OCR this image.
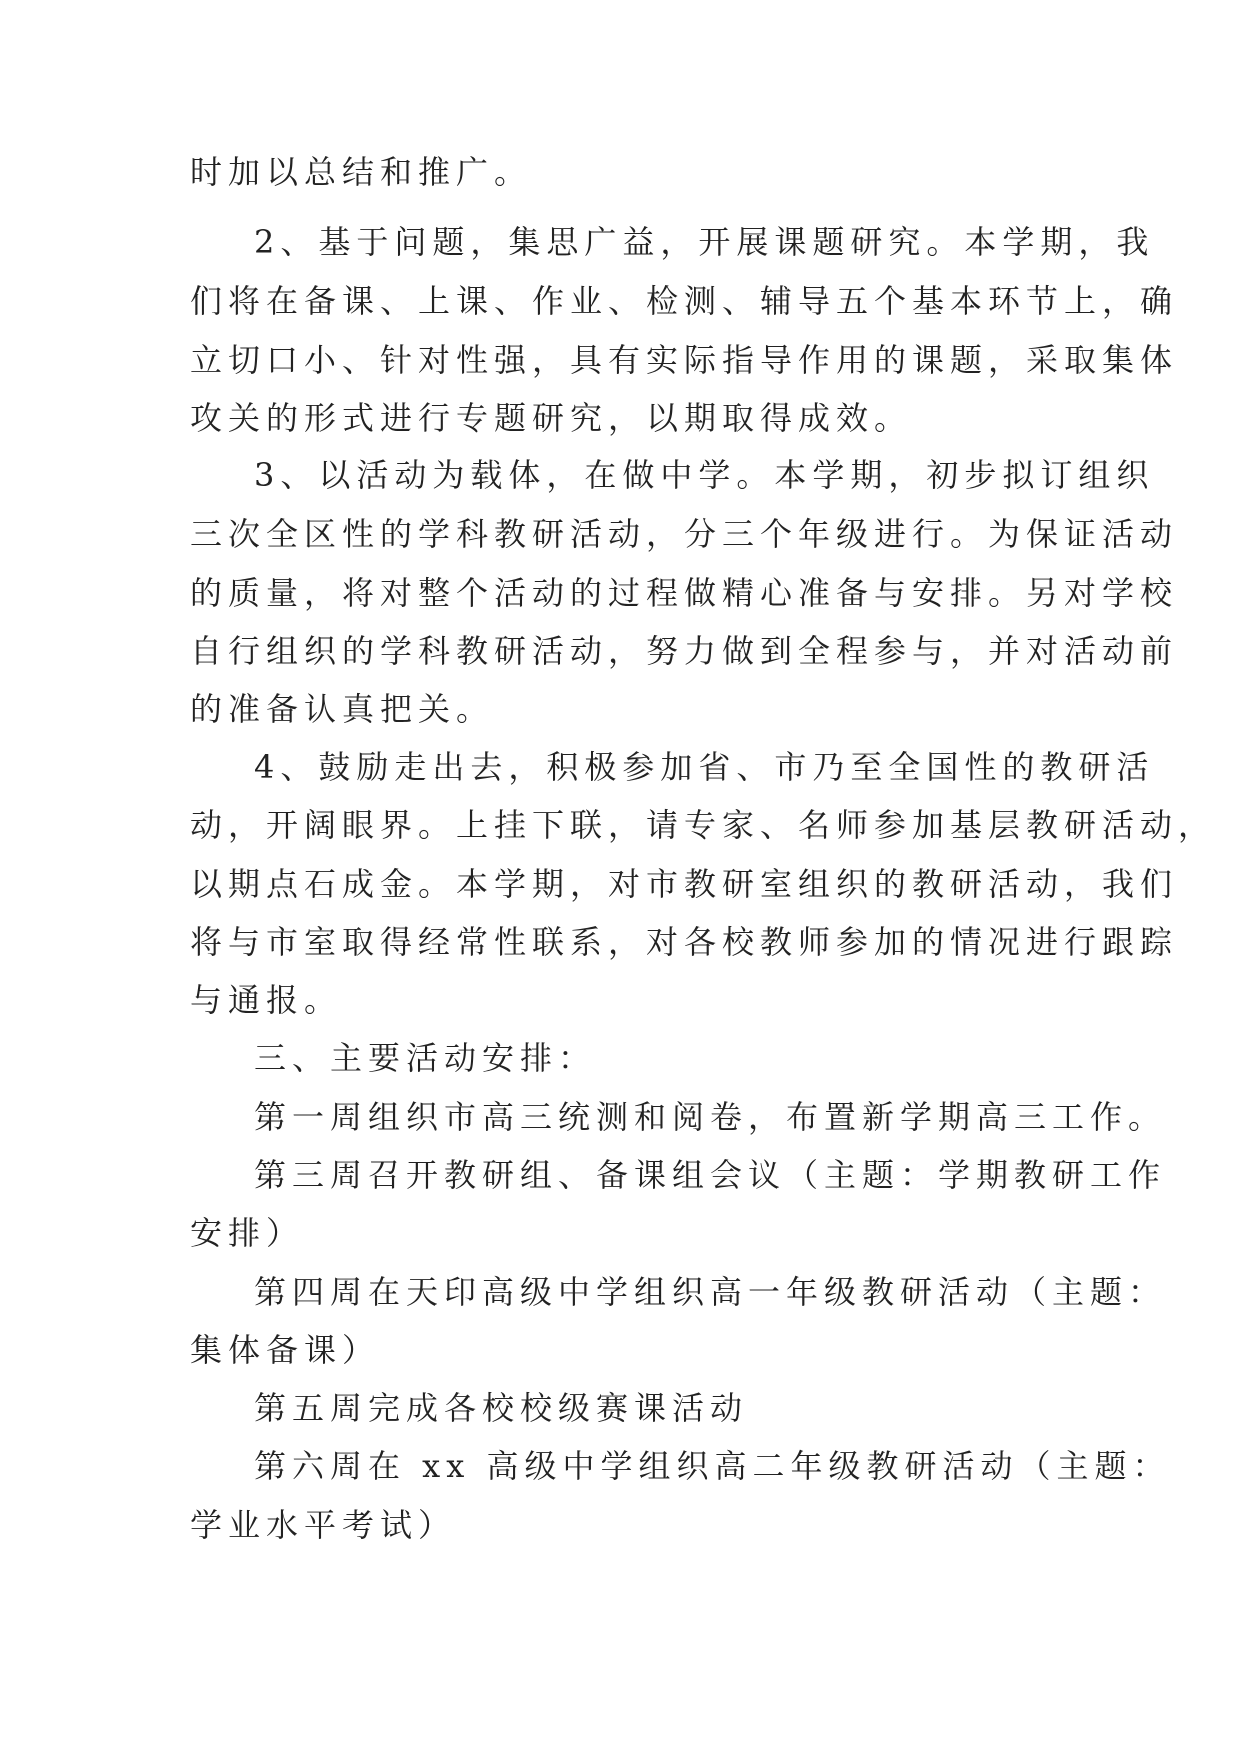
时加以总结和推广。
2、基于问题，集思广益，开展课题研究。本学期，我
们将在备课、上课、作业、检测、辅导五个基本环节上，确
立切口小、针对性强，具有实际指导作用的课题，采取集体
攻关的形式进行专题研究，以期取得成效。
3、以活动为载体，在做中学。本学期，初步拟订组织
三次全区性的学科教研活动，分三个年级进行。为保证活动
的质量，将对整个活动的过程做精心准备与安排。另对学校
自行组织的学科教研活动，努力做到全程参与，并对活动前
的准备认真把关。
4、鼓励走出去，积极参加省、市乃至全国性的教研活
动，开阔眼界。上挂下联，请专家、名师参加基层教研活动，
以期点石成金。本学期，对市教研室组织的教研活动，我们
将与市室取得经常性联系，对各校教师参加的情况进行跟踪
与通报。
三、主要活动安排：
第一周组织市高三统测和阅卷，布置新学期高三工作。
第三周召开教研组、备课组会议（主题：学期教研工作
安排）
第四周在天印高级中学组织高一年级教研活动（主题：
集体备课）
第五周完成各校校级赛课活动
第六周在 xx 高级中学组织高二年级教研活动（主题：
学业水平考试）
